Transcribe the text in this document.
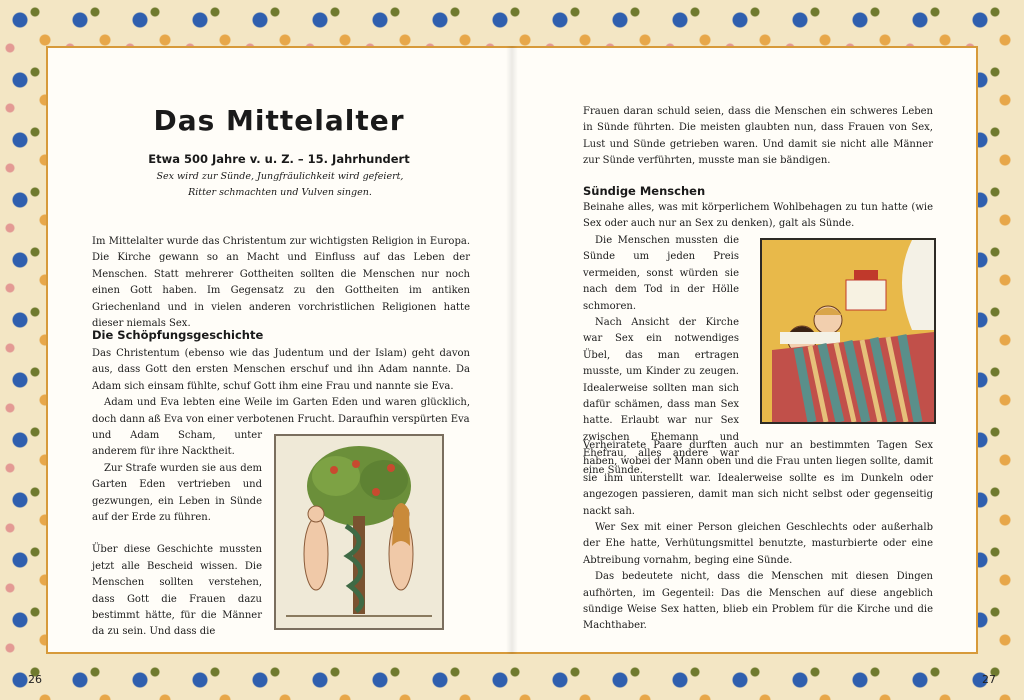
Das Mittelalter
Etwa 500 Jahre v. u. Z. – 15. Jahrhundert
Sex wird zur Sünde, Jungfräulichkeit wird gefeiert,
Ritter schmachten und Vulven singen.

Im Mittelalter wurde das Christentum zur wichtigsten Religion in Europa. Die Kirche gewann so an Macht und Einfluss auf das Leben der Menschen. Statt mehrerer Gottheiten sollten die Menschen nur noch einen Gott haben. Im Gegensatz zu den Gottheiten im antiken Griechenland und in vielen anderen vorchristlichen Religionen hatte dieser niemals Sex.

Die Schöpfungsgeschichte

Das Christentum (ebenso wie das Judentum und der Islam) geht davon aus, dass Gott den ersten Menschen erschuf und ihn Adam nannte. Da Adam sich einsam fühlte, schuf Gott ihm eine Frau und nannte sie Eva.

Adam und Eva lebten eine Weile im Garten Eden und waren glücklich, doch dann aß Eva von einer verbotenen Frucht. Daraufhin verspürten Eva

und Adam Scham, unter anderem für ihre Nacktheit.

Zur Strafe wurden sie aus dem Garten Eden vertrieben und gezwungen, ein Leben in Sünde auf der Erde zu führen.

Über diese Geschichte mussten jetzt alle Bescheid wissen. Die Menschen sollten verstehen, dass Gott die Frauen dazu bestimmt hätte, für die Männer da zu sein. Und dass die

26

Frauen daran schuld seien, dass die Menschen ein schweres Leben in Sünde führten. Die meisten glaubten nun, dass Frauen von Sex, Lust und Sünde getrieben waren. Und damit sie nicht alle Männer zur Sünde verführten, musste man sie bändigen.

Sündige Menschen

Beinahe alles, was mit körperlichem Wohlbehagen zu tun hatte (wie Sex oder auch nur an Sex zu denken), galt als Sünde.

Die Menschen mussten die Sünde um jeden Preis vermeiden, sonst würden sie nach dem Tod in der Hölle schmoren.

Nach Ansicht der Kirche war Sex ein notwendiges Übel, das man ertragen musste, um Kinder zu zeugen. Idealerweise sollten man sich dafür schämen, dass man Sex hatte. Erlaubt war nur Sex zwischen Ehemann und Ehefrau, alles andere war eine Sünde.

Verheiratete Paare durften auch nur an bestimmten Tagen Sex haben, wobei der Mann oben und die Frau unten liegen sollte, damit sie ihm unterstellt war. Idealerweise sollte es im Dunkeln oder angezogen passieren, damit man sich nicht selbst oder gegenseitig nackt sah.

Wer Sex mit einer Person gleichen Geschlechts oder außerhalb der Ehe hatte, Verhütungsmittel benutzte, masturbierte oder eine Abtreibung vornahm, beging eine Sünde.

Das bedeutete nicht, dass die Menschen mit diesen Dingen aufhörten, im Gegenteil: Das die Menschen auf diese angeblich sündige Weise Sex hatten, blieb ein Problem für die Kirche und die Machthaber.

27
